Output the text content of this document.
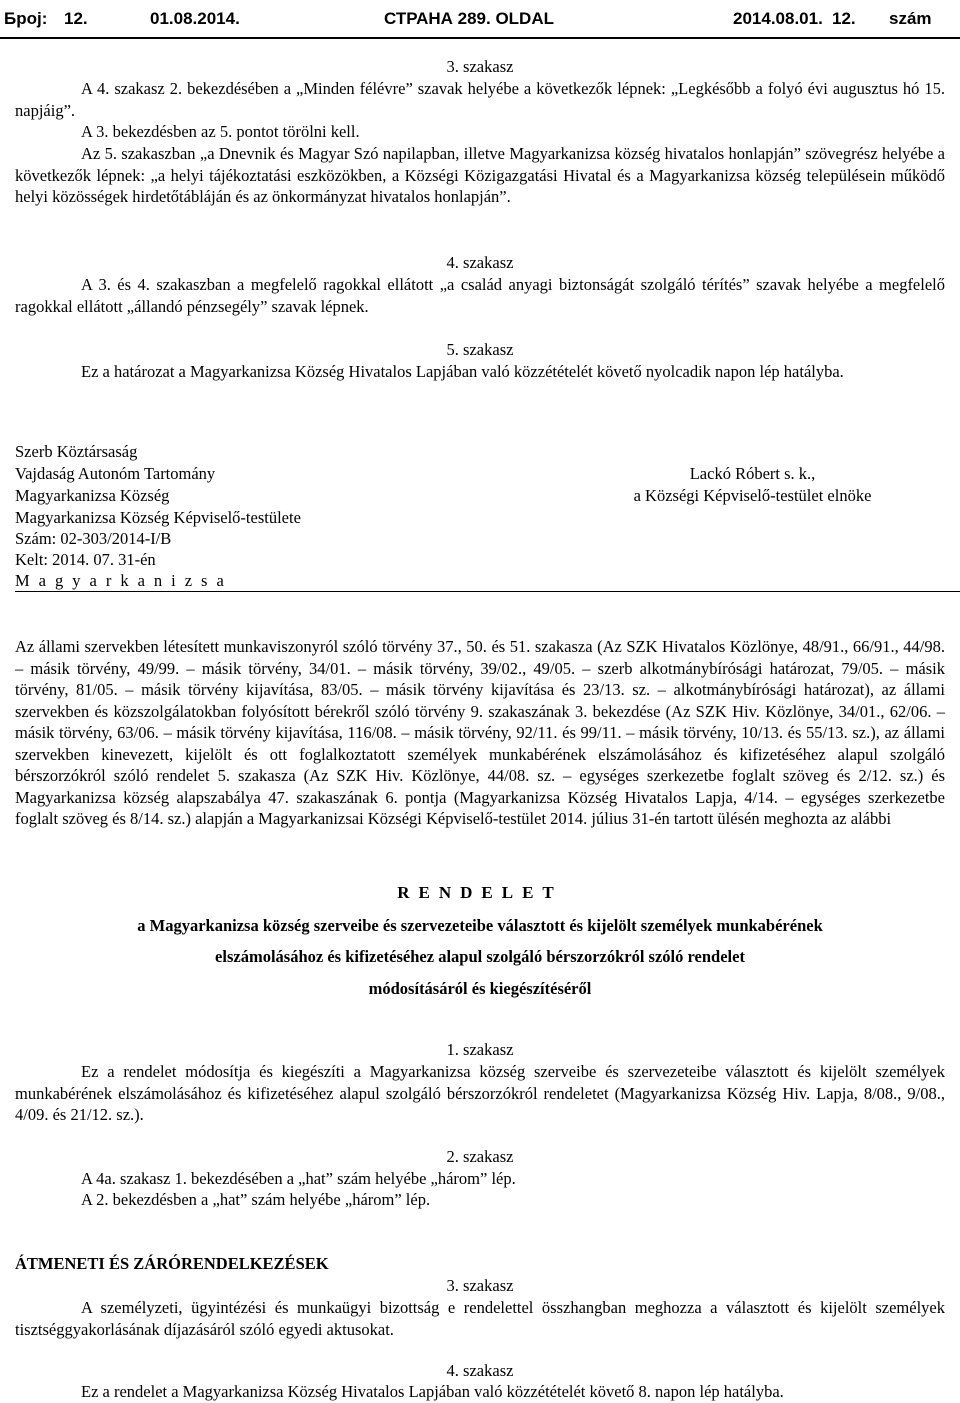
Број: 12.	01.08.2014.	СТРАНА 289. OLDAL	2014.08.01. 12. szám
3. szakasz
A 4. szakasz 2. bekezdésében a „Minden félévre” szavak helyébe a következők lépnek: „Legkésőbb a folyó évi augusztus hó 15. napjáig”.
A 3. bekezdésben az 5. pontot törölni kell.
Az 5. szakaszban „a Dnevnik és Magyar Szó napilapban, illetve Magyarkanizsa község hivatalos honlapján” szövegrész helyébe a következők lépnek: „a helyi tájékoztatási eszközökben, a Községi Közigazgatási Hivatal és a Magyarkanizsa község településein működő helyi közösségek hirdetőtábláján és az önkormányzat hivatalos honlapján”.
4. szakasz
A 3. és 4. szakaszban a megfelelő ragokkal ellátott „a család anyagi biztonságát szolgáló térítés” szavak helyébe a megfelelő ragokkal ellátott „állandó pénzsegély” szavak lépnek.
5. szakasz
Ez a határozat a Magyarkanizsa Község Hivatalos Lapjában való közzétételét követő nyolcadik napon lép hatályba.
Szerb Köztársaság
Vajdaság Autonóm Tartomány
Magyarkanizsa Község
Magyarkanizsa Község Képviselő-testülete
Szám: 02-303/2014-I/B
Kelt: 2014. 07. 31-én
Magyarkanizsa
Lackó Róbert s. k.,
a Községi Képviselő-testület elnöke
Az állami szervekben létesített munkaviszonyról szóló törvény 37., 50. és 51. szakasza (Az SZK Hivatalos Közlönye, 48/91., 66/91., 44/98. – másik törvény, 49/99. – másik törvény, 34/01. – másik törvény, 39/02., 49/05. – szerb alkotmánybírósági határozat, 79/05. – másik törvény, 81/05. – másik törvény kijavítása, 83/05. – másik törvény kijavítása és 23/13. sz. – alkotmánybírósági határozat), az állami szervekben és közszolgálatokban folyósított bérekről szóló törvény 9. szakaszának 3. bekezdése (Az SZK Hiv. Közlönye, 34/01., 62/06. – másik törvény, 63/06. – másik törvény kijavítása, 116/08. – másik törvény, 92/11. és 99/11. – másik törvény, 10/13. és 55/13. sz.), az állami szervekben kinevezett, kijelölt és ott foglalkoztatott személyek munkabérének elszámolásához és kifizetéséhez alapul szolgáló bérszorzókról szóló rendelet 5. szakasza (Az SZK Hiv. Közlönye, 44/08. sz. – egységes szerkezetbe foglalt szöveg és 2/12. sz.) és Magyarkanizsa község alapszabálya 47. szakaszának 6. pontja (Magyarkanizsa Község Hivatalos Lapja, 4/14. – egységes szerkezetbe foglalt szöveg és 8/14. sz.) alapján a Magyarkanizsai Községi Képviselő-testület 2014. július 31-én tartott ülésén meghozta az alábbi
RENDELET
a Magyarkanizsa község szerveibe és szervezeteibe választott és kijelölt személyek munkabérének
elszámolásához és kifizetéséhez alapul szolgáló bérszorzókról szóló rendelet
módosításáról és kiegészítéséről
1. szakasz
Ez a rendelet módosítja és kiegészíti a Magyarkanizsa község szerveibe és szervezeteibe választott és kijelölt személyek munkabérének elszámolásához és kifizetéséhez alapul szolgáló bérszorzókról rendeletet (Magyarkanizsa Község Hiv. Lapja, 8/08., 9/08., 4/09. és 21/12. sz.).
2. szakasz
A 4a. szakasz 1. bekezdésében a „hat” szám helyébe „három” lép.
A 2. bekezdésben a „hat” szám helyébe „három” lép.
ÁTMENETI ÉS ZÁRÓRENDELKEZÉSEK
3. szakasz
A személyzeti, ügyintézési és munkaügyi bizottság e rendelettel összhangban meghozza a választott és kijelölt személyek tisztséggyakorlásának díjazásáról szóló egyedi aktusokat.
4. szakasz
Ez a rendelet a Magyarkanizsa Község Hivatalos Lapjában való közzétételét követő 8. napon lép hatályba.
